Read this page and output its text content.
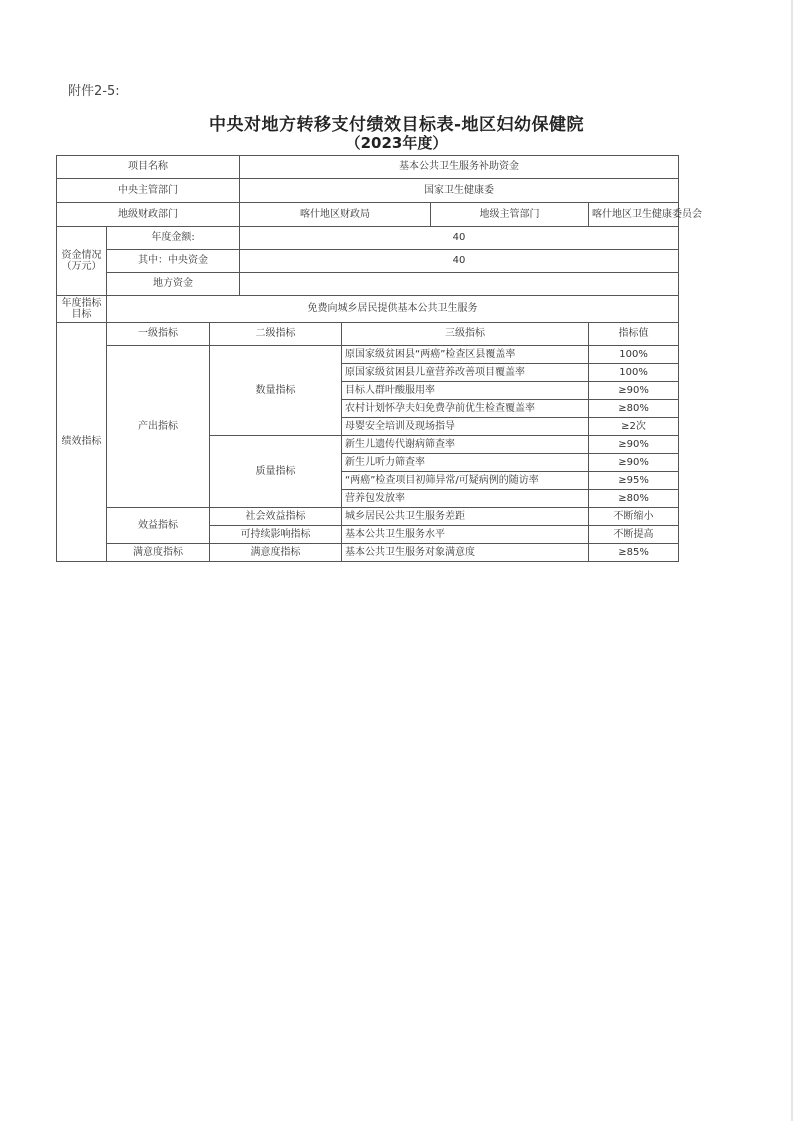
附件2-5:
中央对地方转移支付绩效目标表-地区妇幼保健院
（2023年度）
项目名称			基本公共卫生服务补助资金			
中央主管部门			国家卫生健康委			
地级财政部门			喀什地区财政局		地级主管部门	喀什地区卫生健康委员会
资金情况（万元）	年度金额:		40			
	其中：中央资金		40			
	地方资金					
年度指标目标	免费向城乡居民提供基本公共卫生服务					
绩效指标	一级指标	二级指标		三级指标		指标值
	产出指标	数量指标		原国家级贫困县“两癌”检查区县覆盖率		100%
				原国家级贫困县儿童营养改善项目覆盖率		100%
				目标人群叶酸服用率		≥90%
				农村计划怀孕夫妇免费孕前优生检查覆盖率		≥80%
				母婴安全培训及现场指导		≥2次
		质量指标		新生儿遗传代谢病筛查率		≥90%
				新生儿听力筛查率		≥90%
				“两癌”检查项目初筛异常/可疑病例的随访率		≥95%
				营养包发放率		≥80%
	效益指标	社会效益指标		城乡居民公共卫生服务差距		不断缩小
		可持续影响指标		基本公共卫生服务水平		不断提高
	满意度指标	满意度指标		基本公共卫生服务对象满意度		≥85%
